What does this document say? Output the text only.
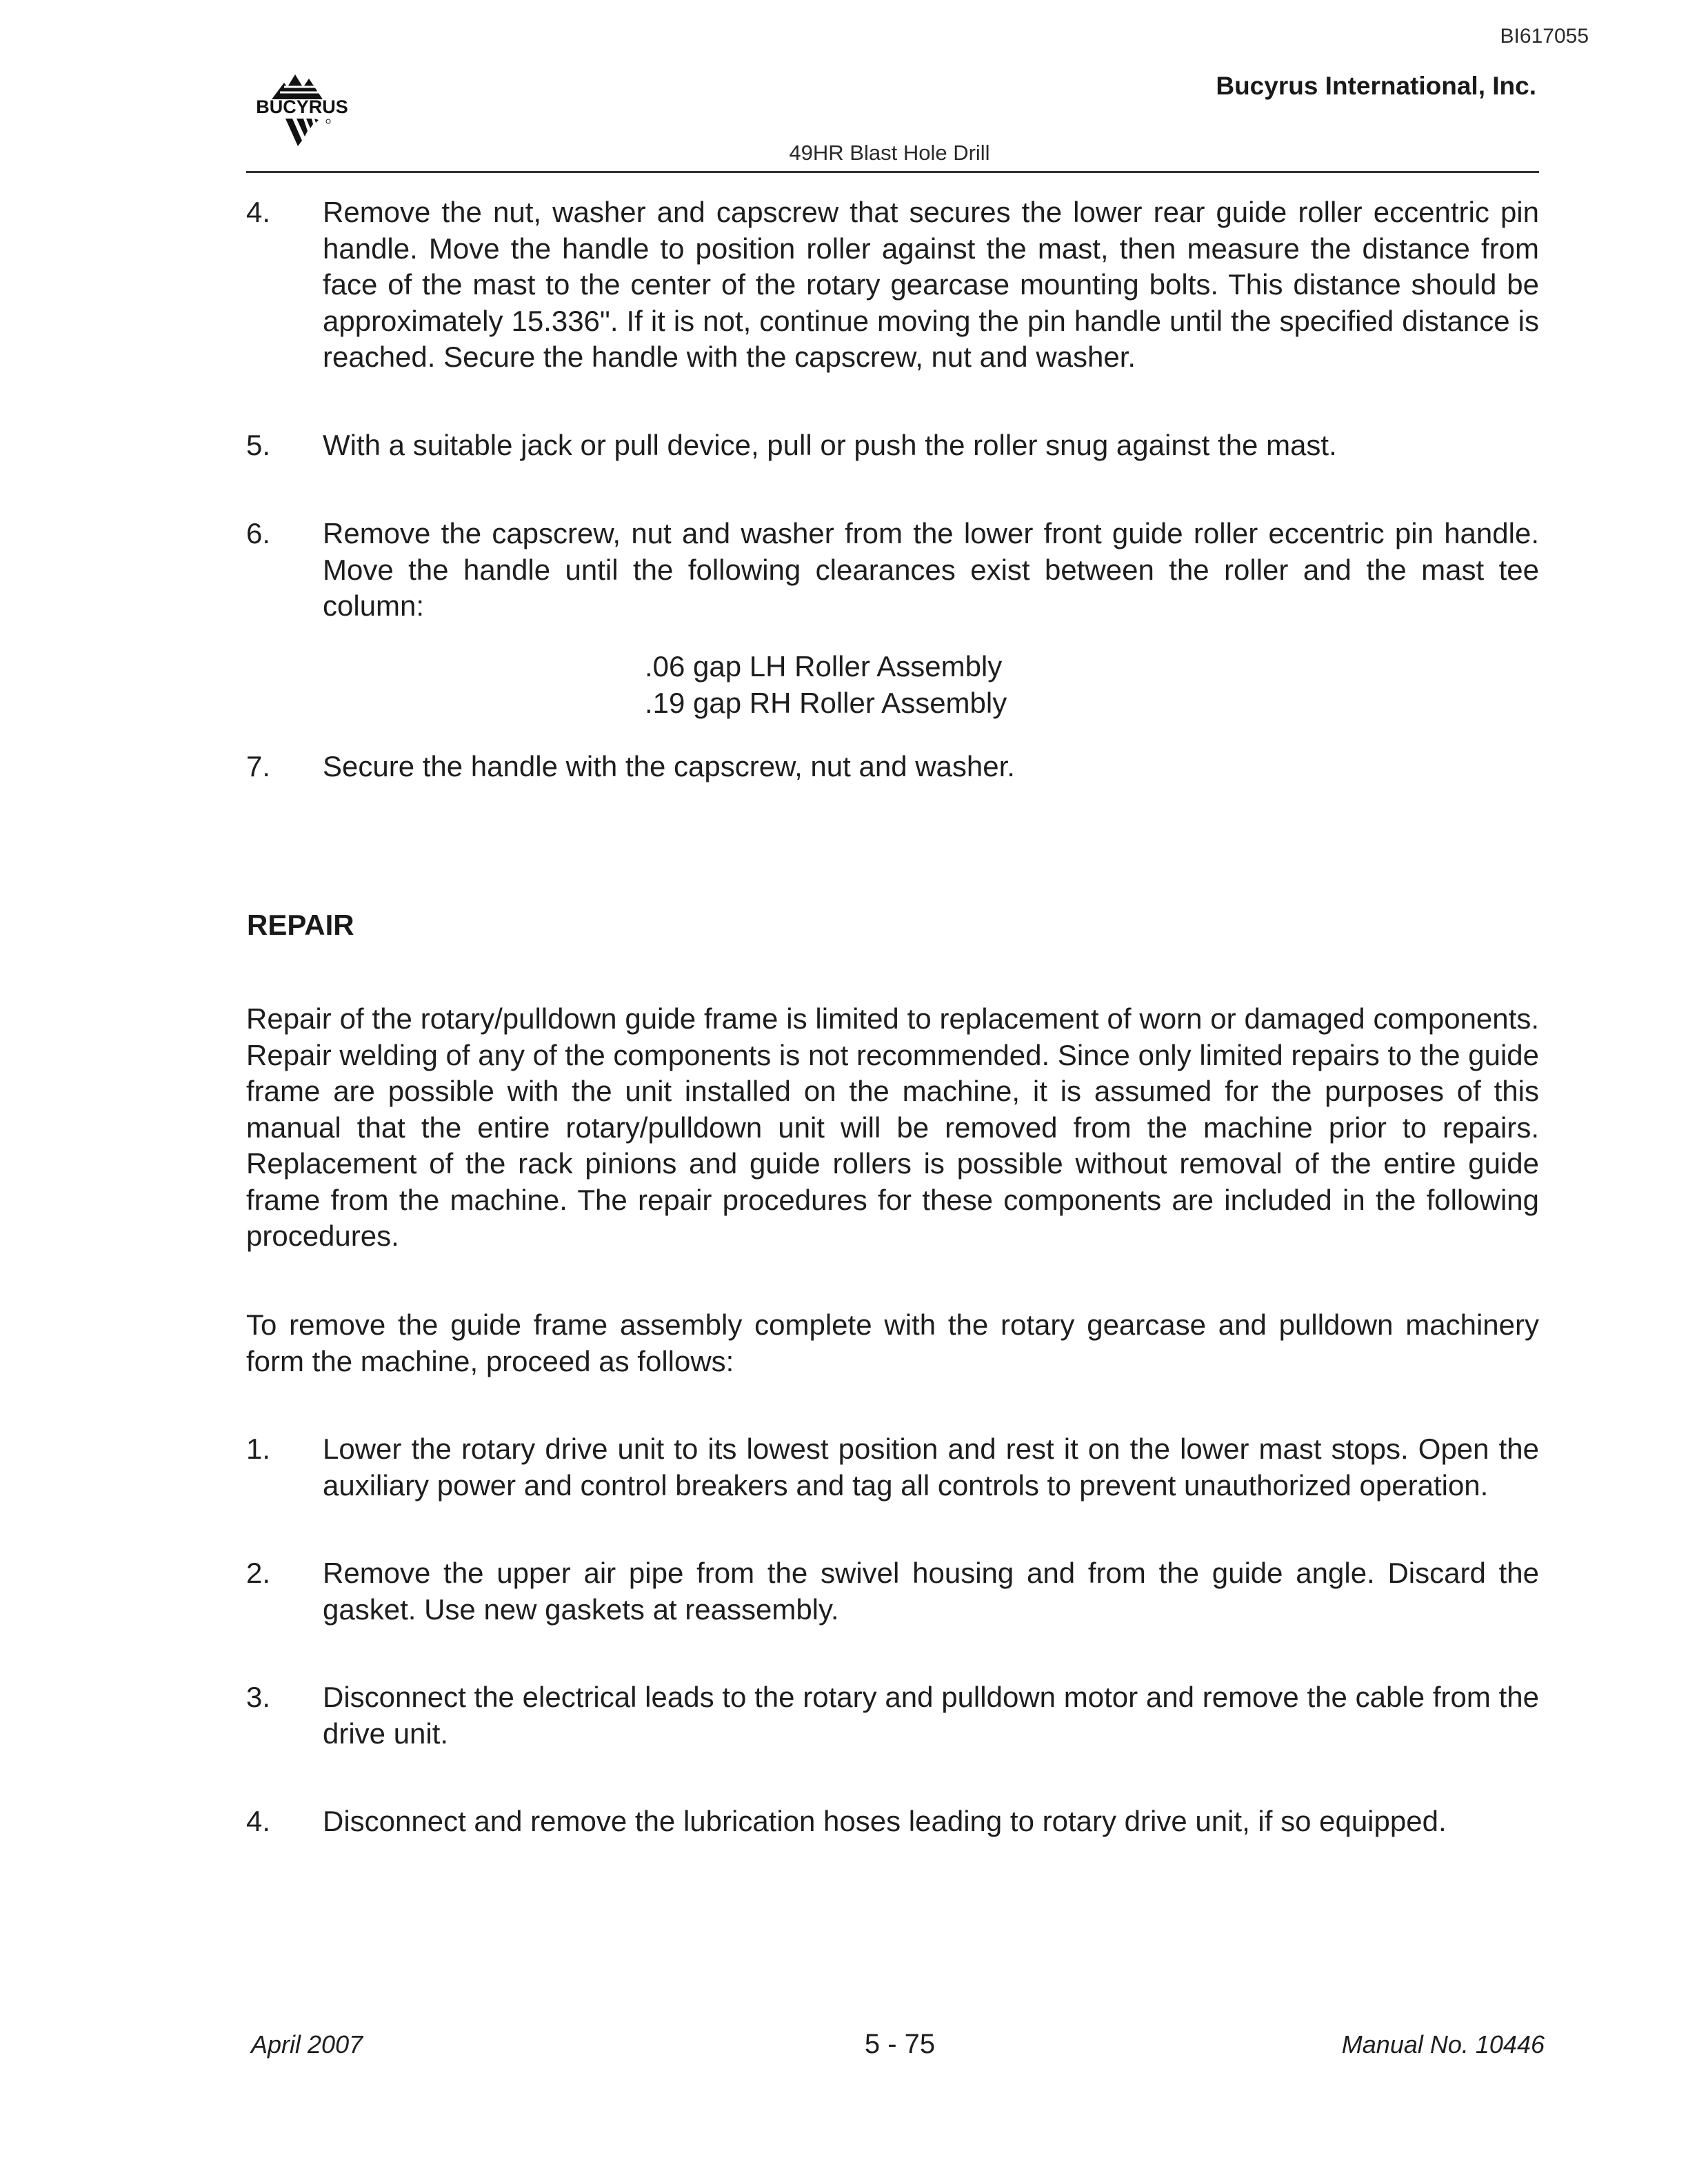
BI617055
BUCYRUS
Bucyrus International, Inc.
49HR Blast Hole Drill
4.	Remove the nut, washer and capscrew that secures the lower rear guide roller eccentric pin handle. Move the handle to position roller against the mast, then measure the distance from face of the mast to the center of the rotary gearcase mounting bolts. This distance should be approximately 15.336". If it is not, continue moving the pin handle until the specified distance is reached. Secure the handle with the capscrew, nut and washer.
5.	With a suitable jack or pull device, pull or push the roller snug against the mast.
6.	Remove the capscrew, nut and washer from the lower front guide roller eccentric pin handle. Move the handle until the following clearances exist between the roller and the mast tee column:
.06 gap LH Roller Assembly
.19 gap RH Roller Assembly
7.	Secure the handle with the capscrew, nut and washer.
REPAIR
Repair of the rotary/pulldown guide frame is limited to replacement of worn or damaged components. Repair welding of any of the components is not recommended. Since only limited repairs to the guide frame are possible with the unit installed on the machine, it is assumed for the purposes of this manual that the entire rotary/pulldown unit will be removed from the machine prior to repairs. Replacement of the rack pinions and guide rollers is possible without removal of the entire guide frame from the machine. The repair procedures for these components are included in the following procedures.
To remove the guide frame assembly complete with the rotary gearcase and pulldown machinery form the machine, proceed as follows:
1.	Lower the rotary drive unit to its lowest position and rest it on the lower mast stops. Open the auxiliary power and control breakers and tag all controls to prevent unauthorized operation.
2.	Remove the upper air pipe from the swivel housing and from the guide angle. Discard the gasket. Use new gaskets at reassembly.
3.	Disconnect the electrical leads to the rotary and pulldown motor and remove the cable from the drive unit.
4.	Disconnect and remove the lubrication hoses leading to rotary drive unit, if so equipped.
April 2007	5 - 75	Manual No. 10446
